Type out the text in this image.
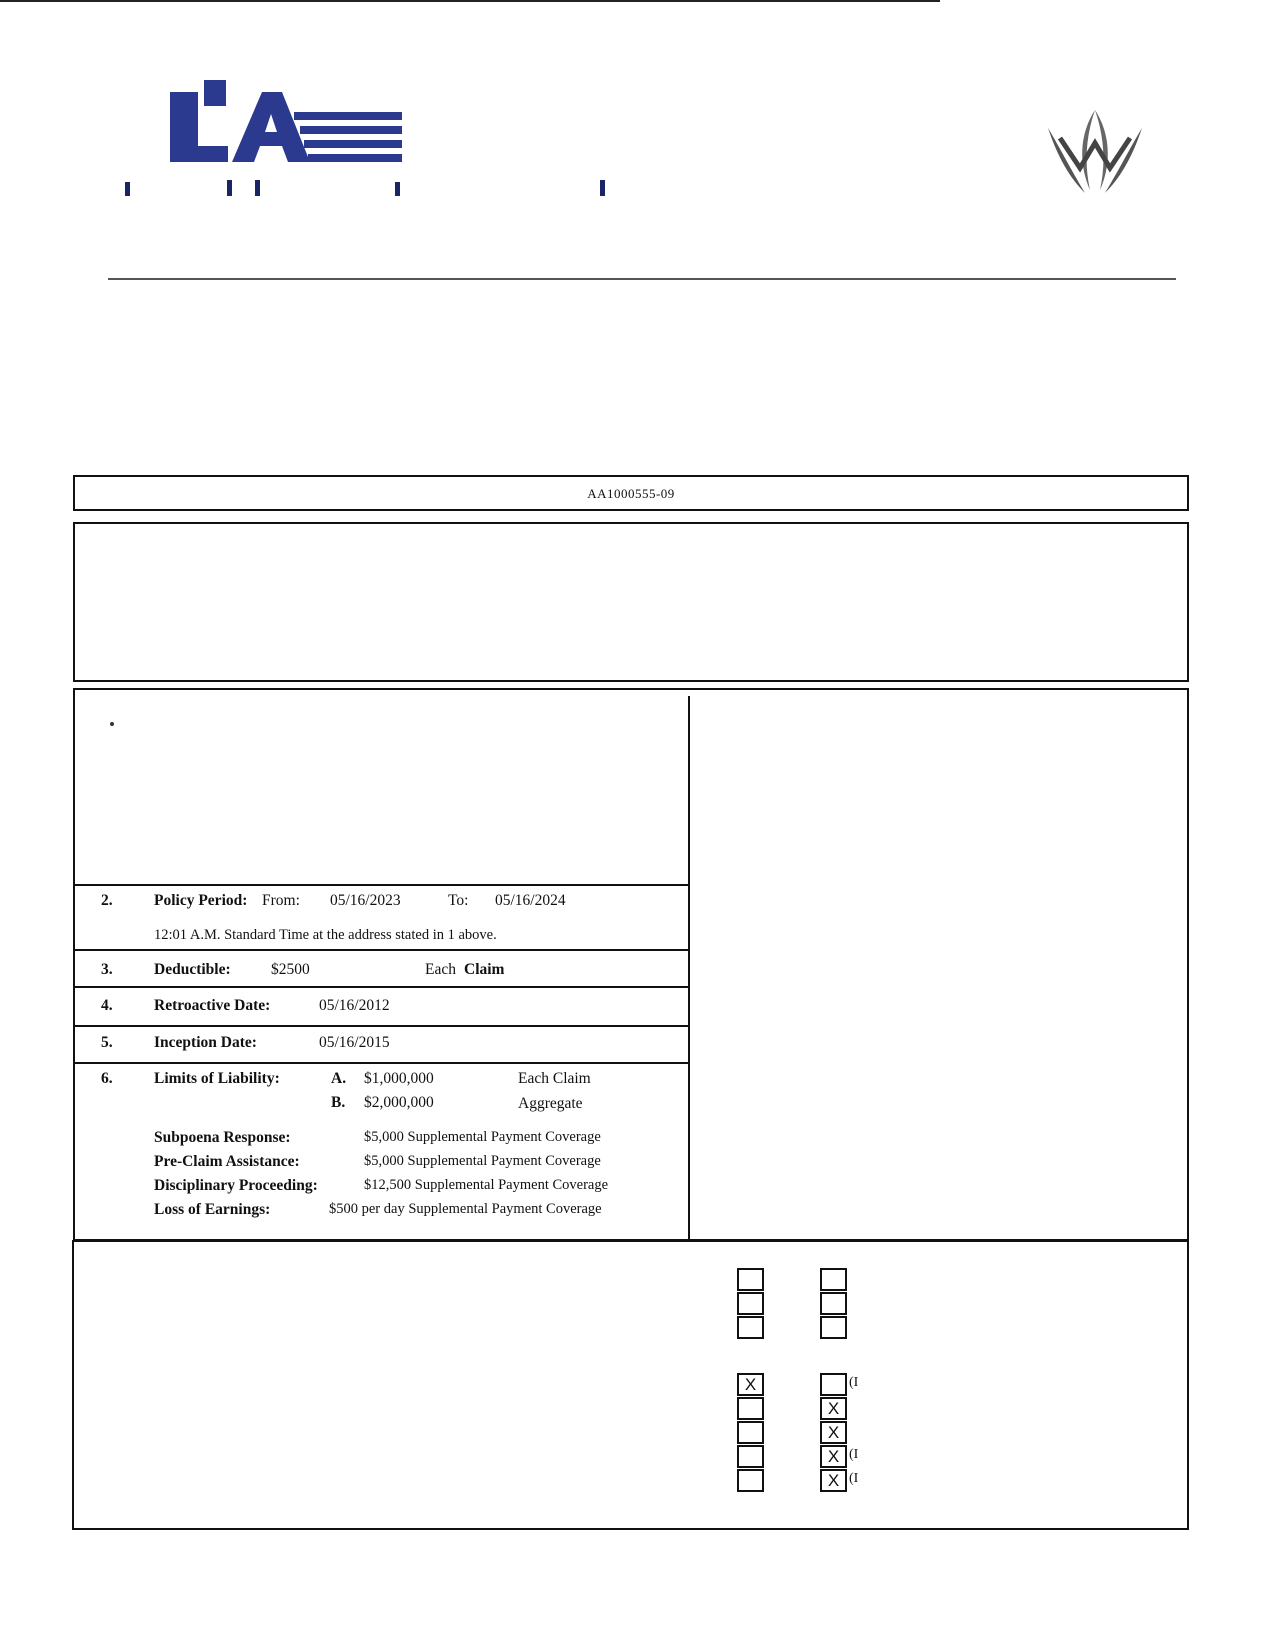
AA1000555-09
2.	Policy Period: From: 05/16/2023	To: 05/16/2024
12:01 A.M. Standard Time at the address stated in 1 above.
3.	Deductible:	$2500	Each Claim
4.	Retroactive Date:	05/16/2012
5.	Inception Date:	05/16/2015
6.	Limits of Liability:	A. $1,000,000	Each Claim
B. $2,000,000	Aggregate
Subpoena Response:	$5,000 Supplemental Payment Coverage
Pre-Claim Assistance:	$5,000 Supplemental Payment Coverage
Disciplinary Proceeding:	$12,500 Supplemental Payment Coverage
Loss of Earnings:	$500 per day Supplemental Payment Coverage
X
X
X
X
X
(I
(I
(I
